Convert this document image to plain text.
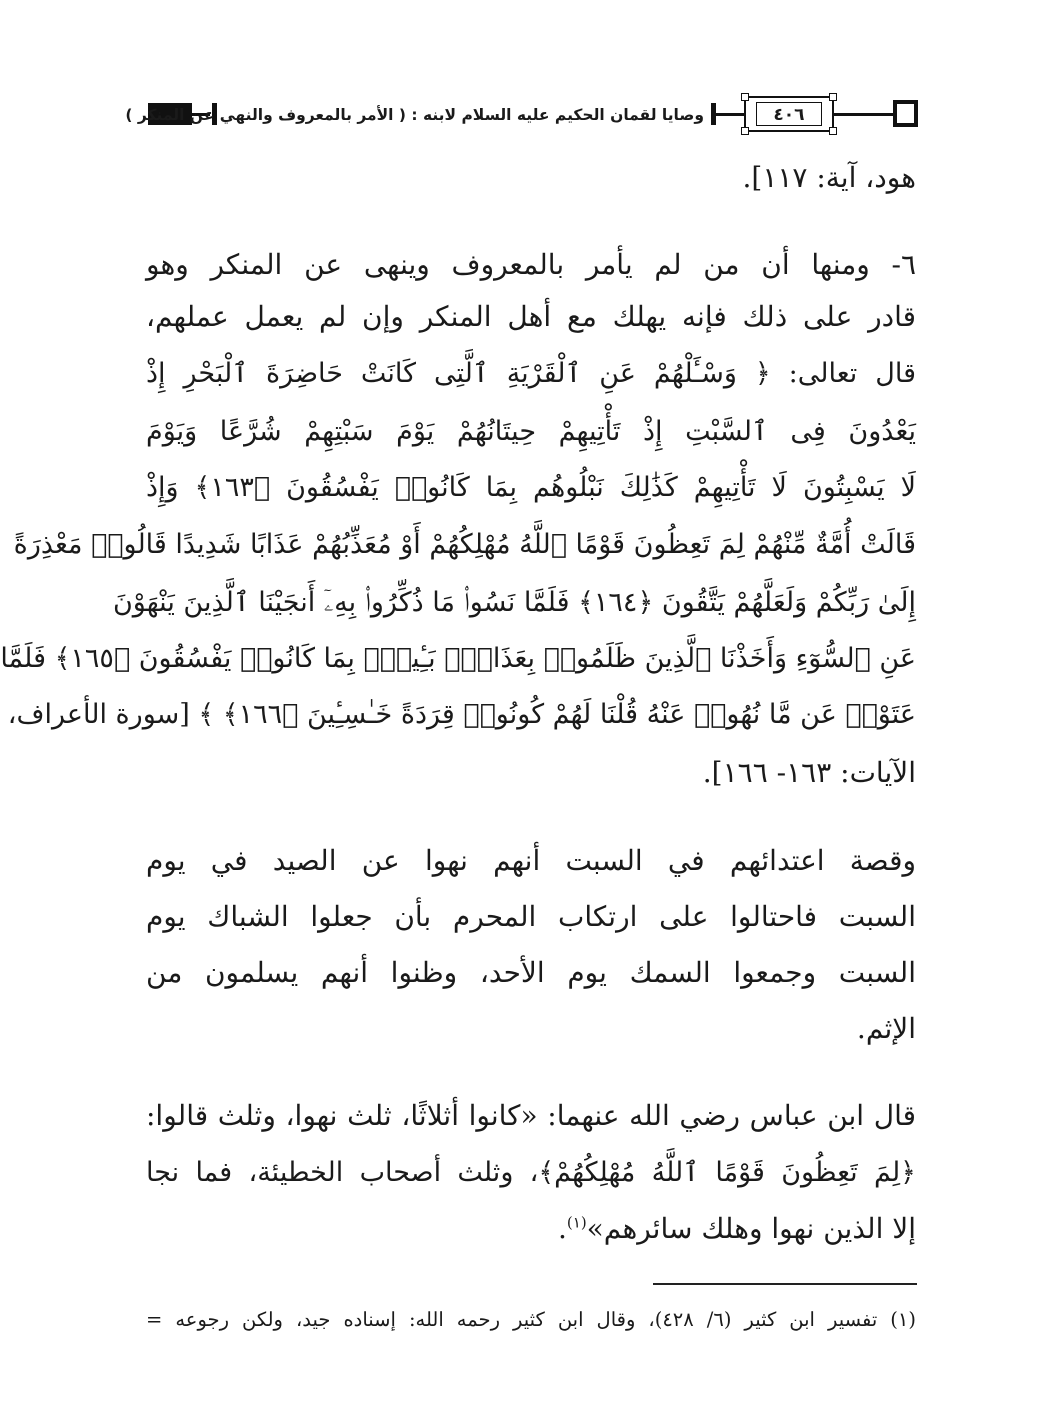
وصايا لقمان الحكيم عليه السلام لابنه : ( الأمر بالمعروف والنهي عن المنكر )	٤٠٦
هود، آية: ١١٧].
٦- ومنها أن من لم يأمر بالمعروف وينهى عن المنكر وهو
قادر على ذلك فإنه يهلك مع أهل المنكر وإن لم يعمل عملهم،
قال تعالى: ﴿ وَسْـَٔلْهُمْ عَنِ ٱلْقَرْيَةِ ٱلَّتِى كَانَتْ حَاضِرَةَ ٱلْبَحْرِ إِذْ
يَعْدُونَ فِى ٱلسَّبْتِ إِذْ تَأْتِيهِمْ حِيتَانُهُمْ يَوْمَ سَبْتِهِمْ شُرَّعًا وَيَوْمَ
لَا يَسْبِتُونَ لَا تَأْتِيهِمْ كَذَٰلِكَ نَبْلُوهُم بِمَا كَانُوا۟ يَفْسُقُونَ ﴿١٦٣﴾ وَإِذْ
قَالَتْ أُمَّةٌ مِّنْهُمْ لِمَ تَعِظُونَ قَوْمًا ٱللَّهُ مُهْلِكُهُمْ أَوْ مُعَذِّبُهُمْ عَذَابًا شَدِيدًا قَالُوا۟ مَعْذِرَةً
إِلَىٰ رَبِّكُمْ وَلَعَلَّهُمْ يَتَّقُونَ ﴿١٦٤﴾ فَلَمَّا نَسُوا۟ مَا ذُكِّرُوا۟ بِهِۦٓ أَنجَيْنَا ٱلَّذِينَ يَنْهَوْنَ
عَنِ ٱلسُّوٓءِ وَأَخَذْنَا ٱلَّذِينَ ظَلَمُوا۟ بِعَذَابٍۭ بَـِٔيسٍۭ بِمَا كَانُوا۟ يَفْسُقُونَ ﴿١٦٥﴾ فَلَمَّا
عَتَوْا۟ عَن مَّا نُهُوا۟ عَنْهُ قُلْنَا لَهُمْ كُونُوا۟ قِرَدَةً خَـٰسِـِٔينَ ﴿١٦٦﴾ ﴾ [سورة الأعراف،
الآيات: ١٦٣- ١٦٦].
وقصة اعتدائهم في السبت أنهم نهوا عن الصيد في يوم
السبت فاحتالوا على ارتكاب المحرم بأن جعلوا الشباك يوم
السبت وجمعوا السمك يوم الأحد، وظنوا أنهم يسلمون من
الإثم.
قال ابن عباس رضي الله عنهما: «كانوا أثلاثًا، ثلث نهوا، وثلث قالوا:
﴿لِمَ تَعِظُونَ قَوْمًا ٱللَّهُ مُهْلِكُهُمْ﴾، وثلث أصحاب الخطيئة، فما نجا
إلا الذين نهوا وهلك سائرهم»$^{(١)}$.
(١) تفسير ابن كثير (٦/ ٤٢٨)، وقال ابن كثير رحمه الله: إسناده جيد، ولكن رجوعه =
